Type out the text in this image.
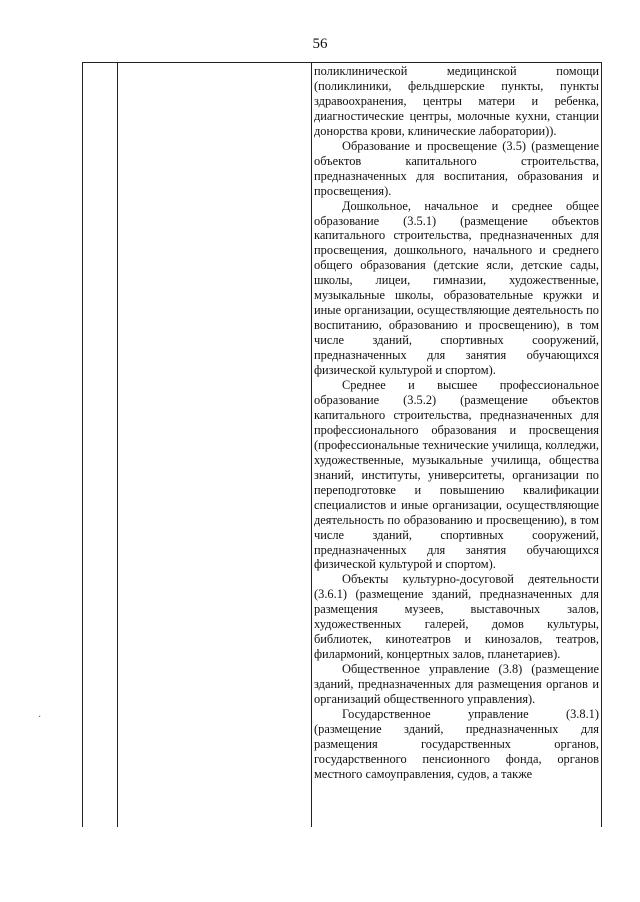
56

поликлинической медицинской помощи (поликлиники, фельдшерские пункты, пункты здравоохранения, центры матери и ребенка, диагностические центры, молочные кухни, станции донорства крови, клинические лаборатории)).

Образование и просвещение (3.5) (размещение объектов капитального строительства, предназначенных для воспитания, образования и просвещения).

Дошкольное, начальное и среднее общее образование (3.5.1) (размещение объектов капитального строительства, предназначенных для просвещения, дошкольного, начального и среднего общего образования (детские ясли, детские сады, школы, лицеи, гимназии, художественные, музыкальные школы, образовательные кружки и иные организации, осуществляющие деятельность по воспитанию, образованию и просвещению), в том числе зданий, спортивных сооружений, предназначенных для занятия обучающихся физической культурой и спортом).

Среднее и высшее профессиональное образование (3.5.2) (размещение объектов капитального строительства, предназначенных для профессионального образования и просвещения (профессиональные технические училища, колледжи, художественные, музыкальные училища, общества знаний, институты, университеты, организации по переподготовке и повышению квалификации специалистов и иные организации, осуществляющие деятельность по образованию и просвещению), в том числе зданий, спортивных сооружений, предназначенных для занятия обучающихся физической культурой и спортом).

Объекты культурно-досуговой деятельности (3.6.1) (размещение зданий, предназначенных для размещения музеев, выставочных залов, художественных галерей, домов культуры, библиотек, кинотеатров и кинозалов, театров, филармоний, концертных залов, планетариев).

Общественное управление (3.8) (размещение зданий, предназначенных для размещения органов и организаций общественного управления).

Государственное управление (3.8.1) (размещение зданий, предназначенных для размещения государственных органов, государственного пенсионного фонда, органов местного самоуправления, судов, а также

·
